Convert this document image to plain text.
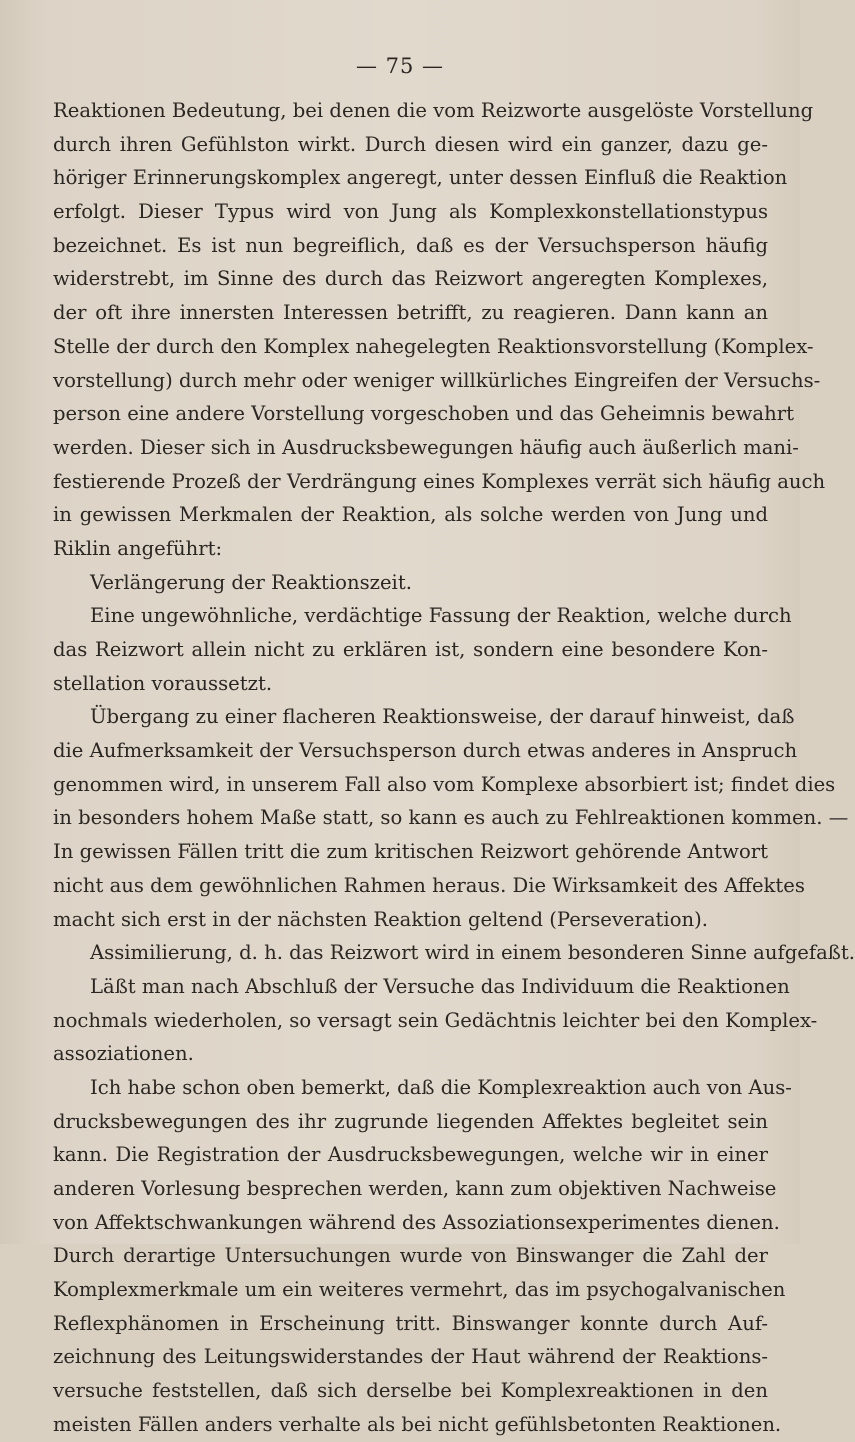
— 75 —

Reaktionen Bedeutung, bei denen die vom Reizworte ausgelöste Vorstellung
durch ihren Gefühlston wirkt. Durch diesen wird ein ganzer, dazu ge-
höriger Erinnerungskomplex angeregt, unter dessen Einfluß die Reaktion
erfolgt. Dieser Typus wird von Jung als Komplexkonstellationstypus
bezeichnet. Es ist nun begreiflich, daß es der Versuchsperson häufig
widerstrebt, im Sinne des durch das Reizwort angeregten Komplexes,
der oft ihre innersten Interessen betrifft, zu reagieren. Dann kann an
Stelle der durch den Komplex nahegelegten Reaktionsvorstellung (Komplex-
vorstellung) durch mehr oder weniger willkürliches Eingreifen der Versuchs-
person eine andere Vorstellung vorgeschoben und das Geheimnis bewahrt
werden. Dieser sich in Ausdrucksbewegungen häufig auch äußerlich mani-
festierende Prozeß der Verdrängung eines Komplexes verrät sich häufig auch
in gewissen Merkmalen der Reaktion, als solche werden von Jung und
Riklin angeführt:
Verlängerung der Reaktionszeit.
Eine ungewöhnliche, verdächtige Fassung der Reaktion, welche durch
das Reizwort allein nicht zu erklären ist, sondern eine besondere Kon-
stellation voraussetzt.
Übergang zu einer flacheren Reaktionsweise, der darauf hinweist, daß
die Aufmerksamkeit der Versuchsperson durch etwas anderes in Anspruch
genommen wird, in unserem Fall also vom Komplexe absorbiert ist; findet dies
in besonders hohem Maße statt, so kann es auch zu Fehlreaktionen kommen. —
In gewissen Fällen tritt die zum kritischen Reizwort gehörende Antwort
nicht aus dem gewöhnlichen Rahmen heraus. Die Wirksamkeit des Affektes
macht sich erst in der nächsten Reaktion geltend (Perseveration).
Assimilierung, d. h. das Reizwort wird in einem besonderen Sinne aufgefaßt.
Läßt man nach Abschluß der Versuche das Individuum die Reaktionen
nochmals wiederholen, so versagt sein Gedächtnis leichter bei den Komplex-
assoziationen.
Ich habe schon oben bemerkt, daß die Komplexreaktion auch von Aus-
drucksbewegungen des ihr zugrunde liegenden Affektes begleitet sein
kann. Die Registration der Ausdrucksbewegungen, welche wir in einer
anderen Vorlesung besprechen werden, kann zum objektiven Nachweise
von Affektschwankungen während des Assoziationsexperimentes dienen.
Durch derartige Untersuchungen wurde von Binswanger die Zahl der
Komplexmerkmale um ein weiteres vermehrt, das im psychogalvanischen
Reflexphänomen in Erscheinung tritt. Binswanger konnte durch Auf-
zeichnung des Leitungswiderstandes der Haut während der Reaktions-
versuche feststellen, daß sich derselbe bei Komplexreaktionen in den
meisten Fällen anders verhalte als bei nicht gefühlsbetonten Reaktionen.
